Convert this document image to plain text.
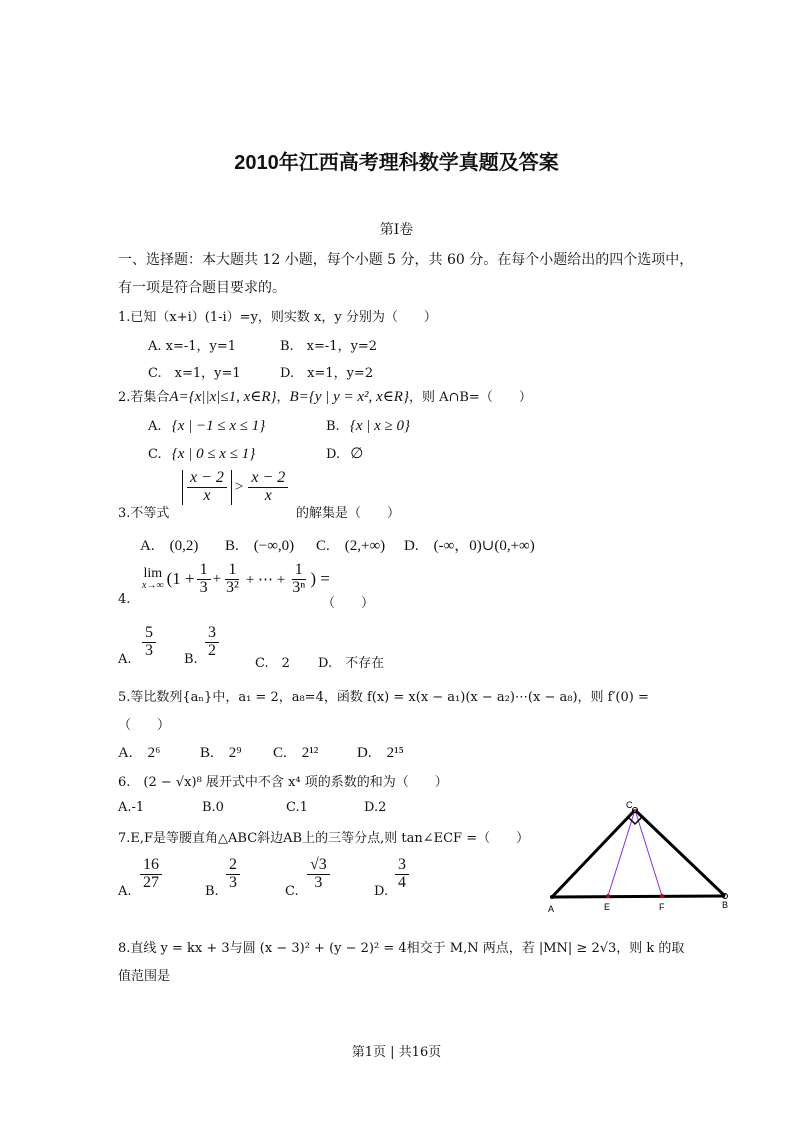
2010年江西高考理科数学真题及答案
第Ⅰ卷
一、选择题：本大题共 12 小题，每个小题 5 分，共 60 分。在每个小题给出的四个选项中，
有一项是符合题目要求的。
1.已知（x+i）(1-i）=y，则实数 x，y 分别为（　　）
A. x=-1，y=1	B.　x=-1，y=2
C.　x=1，y=1	D.　x=1，y=2
2.若集合A={x||x|≤1, x∈R}，B={y | y = x², x∈R}，则 A∩B=（　　）
A. {x | −1 ≤ x ≤ 1}	B. {x | x ≥ 0}
C. {x | 0 ≤ x ≤ 1}	D. ∅
3.不等式
$\frac{x - 2}{x} > \frac{x - 2}{x}$
的解集是（　　）
A.　(0,2) B.　(−∞,0) C.　(2,+∞) D.　(-∞，0)∪(0,+∞)
4.
lim
x→∞ ($1 + \frac{1}{3} + \frac{1}{\text{3²}}$ + ⋯ + $\frac{1}{\text{3ⁿ}}$ ) =
（　　）
A. $\frac{5}{3} B$. $\frac{3}{2}$
C.　2 D.　不存在
5.等比数列{aₙ}中，a₁ = 2，a₈=4，函数 f(x) = x(x − a₁)(x − a₂)⋯(x − a₈)，则 f′(0) =
（　　）
A.　2⁶	B.　2⁹ C.　2¹²	D.　2¹⁵
6.　(2 − √x)⁸ 展开式中不含 x⁴ 项的系数的和为（　　）
A.-1	B.0	C.1	D.2
7.E,F是等腰直角△ABC斜边AB上的三等分点,则 tan∠ECF =（　　）
A. $\frac{16}{27}$	B. $\frac{2}{3}$	C. $\frac{√3}{3}$	D. $\frac{3}{4}$
C
A	E	F	B
8.直线 y = kx + 3与圆 (x − 3)² + (y − 2)² = 4相交于 M,N 两点，若 |MN| ≥ 2√3，则 k 的取
值范围是
第1页 | 共16页
